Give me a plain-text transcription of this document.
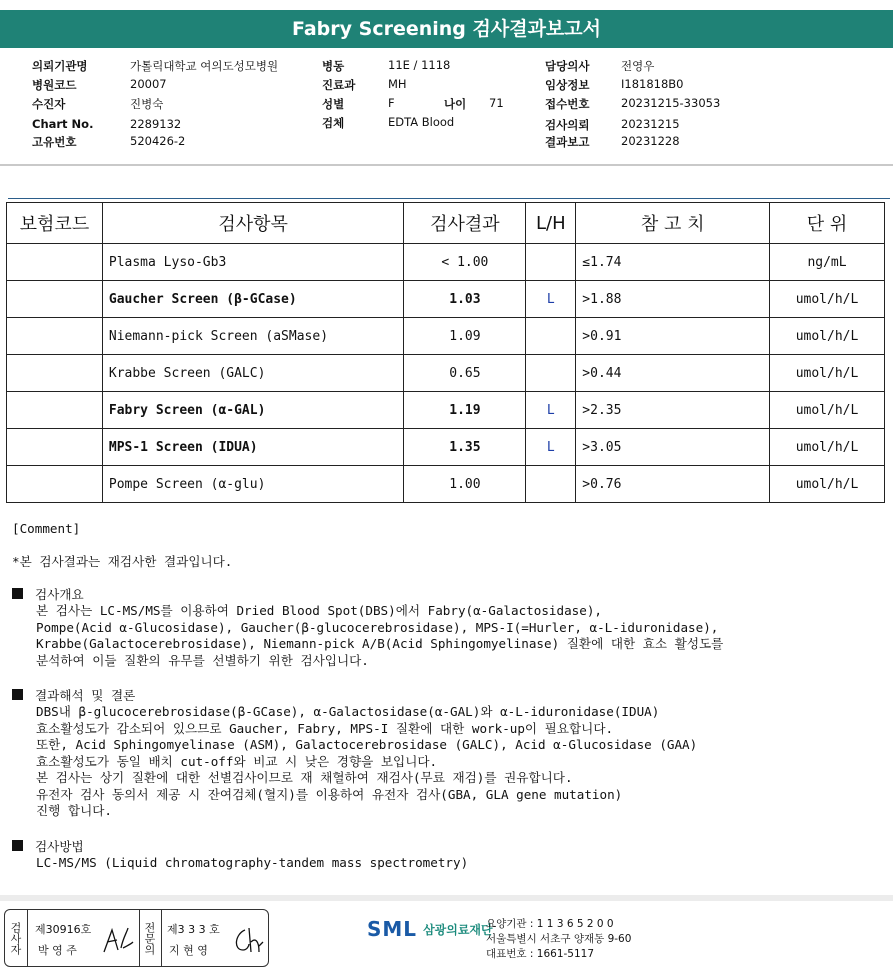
Fabry Screening 검사결과보고서
의뢰기관명	가톨릭대학교 여의도성모병원
병원코드	20007
수진자	진병숙
Chart No.	2289132
고유번호	520426-2
병동	11E / 1118
진료과	MH
성별	F	나이 71
검체	EDTA Blood
담당의사	전영우
임상정보	I181818B0
접수번호	20231215-33053
검사의뢰	20231215
결과보고	20231228
보험코드	검사항목	검사결과	L/H	참 고 치	단 위
	Plasma Lyso-Gb3	< 1.00		≤1.74	ng/mL
	Gaucher Screen (β-GCase)	1.03	L	>1.88	umol/h/L
	Niemann-pick Screen (aSMase)	1.09		>0.91	umol/h/L
	Krabbe Screen (GALC)	0.65		>0.44	umol/h/L
	Fabry Screen (α-GAL)	1.19	L	>2.35	umol/h/L
	MPS-1 Screen (IDUA)	1.35	L	>3.05	umol/h/L
	Pompe Screen (α-glu)	1.00		>0.76	umol/h/L
[Comment]
*본 검사결과는 재검사한 결과입니다.
검사개요
본 검사는 LC-MS/MS를 이용하여 Dried Blood Spot(DBS)에서 Fabry(α-Galactosidase),
Pompe(Acid α-Glucosidase), Gaucher(β-glucocerebrosidase), MPS-I(=Hurler, α-L-iduronidase),
Krabbe(Galactocerebrosidase), Niemann-pick A/B(Acid Sphingomyelinase) 질환에 대한 효소 활성도를
분석하여 이들 질환의 유무를 선별하기 위한 검사입니다.
결과해석 및 결론
DBS내 β-glucocerebrosidase(β-GCase), α-Galactosidase(α-GAL)와 α-L-iduronidase(IDUA)
효소활성도가 감소되어 있으므로 Gaucher, Fabry, MPS-I 질환에 대한 work-up이 필요합니다.
또한, Acid Sphingomyelinase (ASM), Galactocerebrosidase (GALC), Acid α-Glucosidase (GAA)
효소활성도가 동일 배치 cut-off와 비교 시 낮은 경향을 보입니다.
본 검사는 상기 질환에 대한 선별검사이므로 재 채혈하여 재검사(무료 재검)를 권유합니다.
유전자 검사 동의서 제공 시 잔여검체(혈지)를 이용하여 유전자 검사(GBA, GLA gene mutation)
진행 합니다.
검사방법
LC-MS/MS (Liquid chromatography-tandem mass spectrometry)
검사자 제30916호
박 영 주	전문의 제3 3 3 호
지 현 영
SML 삼광의료재단
요양기관 : 1 1 3 6 5 2 0 0
서울특별시 서초구 양재동 9-60
대표번호 : 1661-5117
